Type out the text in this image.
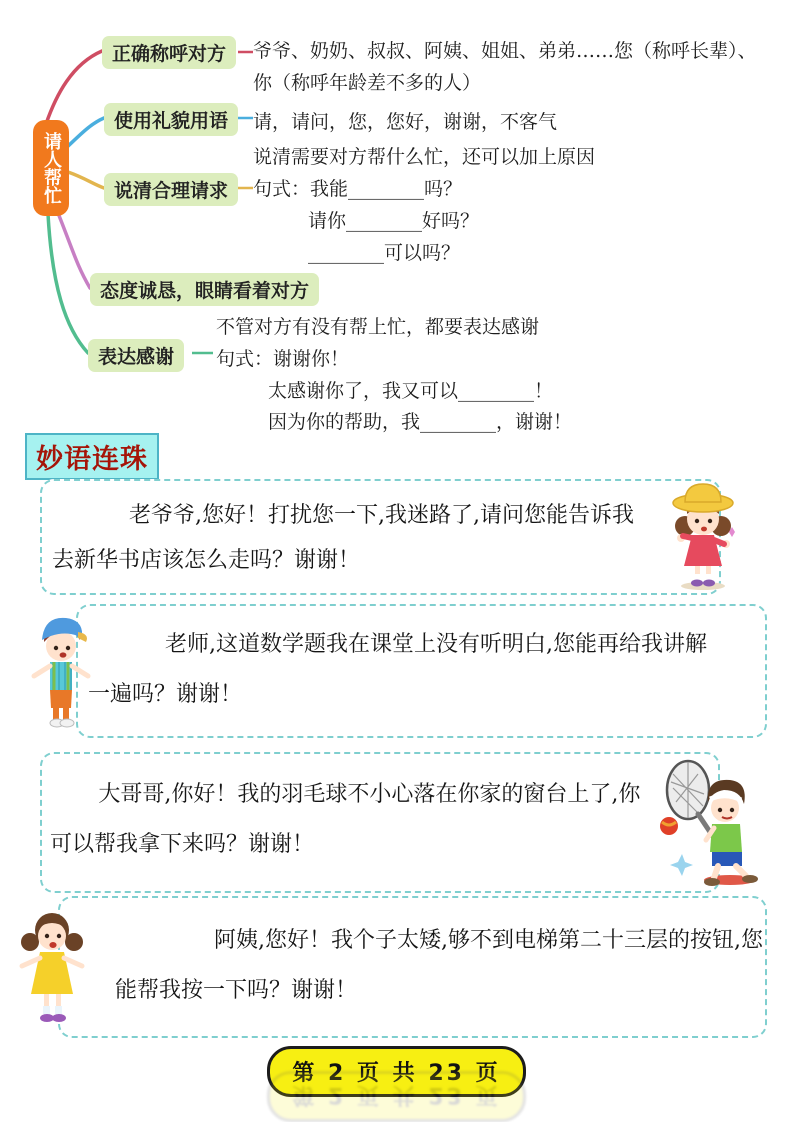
请人帮忙
正确称呼对方
使用礼貌用语
说清合理请求
态度诚恳，眼睛看着对方
表达感谢
爷爷、奶奶、叔叔、阿姨、姐姐、弟弟……您（称呼长辈）、
你（称呼年龄差不多的人）
请，请问，您，您好，谢谢，不客气
说清需要对方帮什么忙，还可以加上原因
句式：我能________吗？
请你________好吗？
________可以吗？
不管对方有没有帮上忙，都要表达感谢
句式：谢谢你！
太感谢你了，我又可以________！
因为你的帮助，我________，谢谢！
妙语连珠

老爷爷,您好！打扰您一下,我迷路了,请问您能告诉我去新华书店该怎么走吗？谢谢！

老师,这道数学题我在课堂上没有听明白,您能再给我讲解一遍吗？谢谢！

大哥哥,你好！我的羽毛球不小心落在你家的窗台上了,你可以帮我拿下来吗？谢谢！

阿姨,您好！我个子太矮,够不到电梯第二十三层的按钮,您能帮我按一下吗？谢谢！

第 2 页 共 23 页
